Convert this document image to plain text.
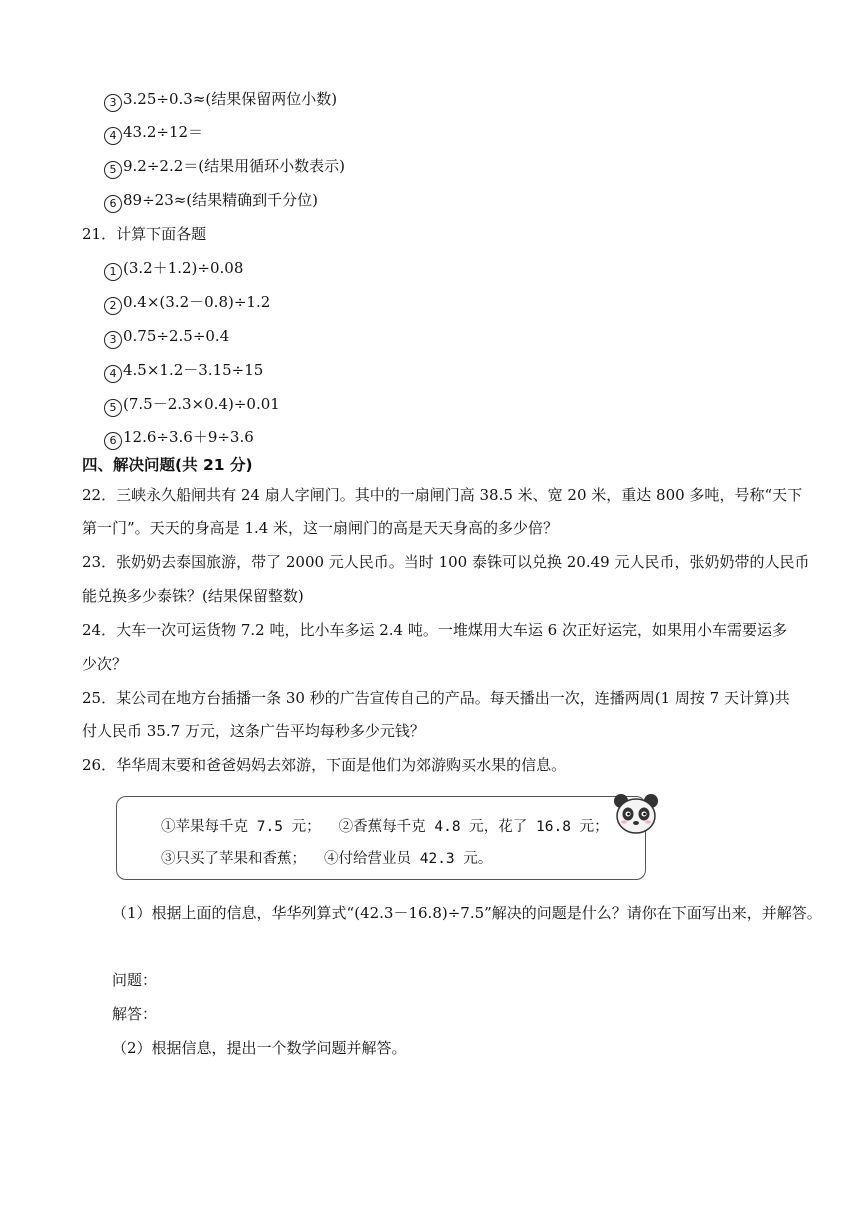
3 3.25÷0.3≈(结果保留两位小数)
4 43.2÷12＝
5 9.2÷2.2＝(结果用循环小数表示)
6 89÷23≈(结果精确到千分位)
21．计算下面各题
1 (3.2＋1.2)÷0.08
2 0.4×(3.2－0.8)÷1.2
3 0.75÷2.5÷0.4
4 4.5×1.2－3.15÷15
5 (7.5－2.3×0.4)÷0.01
6 12.6÷3.6＋9÷3.6
四、解决问题(共 21 分)
22．三峡永久船闸共有 24 扇人字闸门。其中的一扇闸门高 38.5 米、宽 20 米，重达 800 多吨，号称“天下
第一门”。天天的身高是 1.4 米，这一扇闸门的高是天天身高的多少倍？
23．张奶奶去泰国旅游，带了 2000 元人民币。当时 100 泰铢可以兑换 20.49 元人民币，张奶奶带的人民币
能兑换多少泰铢？(结果保留整数)
24．大车一次可运货物 7.2 吨，比小车多运 2.4 吨。一堆煤用大车运 6 次正好运完，如果用小车需要运多
少次？
25．某公司在地方台插播一条 30 秒的广告宣传自己的产品。每天播出一次，连播两周(1 周按 7 天计算)共
付人民币 35.7 万元，这条广告平均每秒多少元钱？
26．华华周末要和爸爸妈妈去郊游，下面是他们为郊游购买水果的信息。
①苹果每千克 7.5 元； ②香蕉每千克 4.8 元，花了 16.8 元；
③只买了苹果和香蕉； ④付给营业员 42.3 元。
（1）根据上面的信息，华华列算式“(42.3－16.8)÷7.5”解决的问题是什么？请你在下面写出来，并解答。
问题：
解答：
（2）根据信息，提出一个数学问题并解答。
